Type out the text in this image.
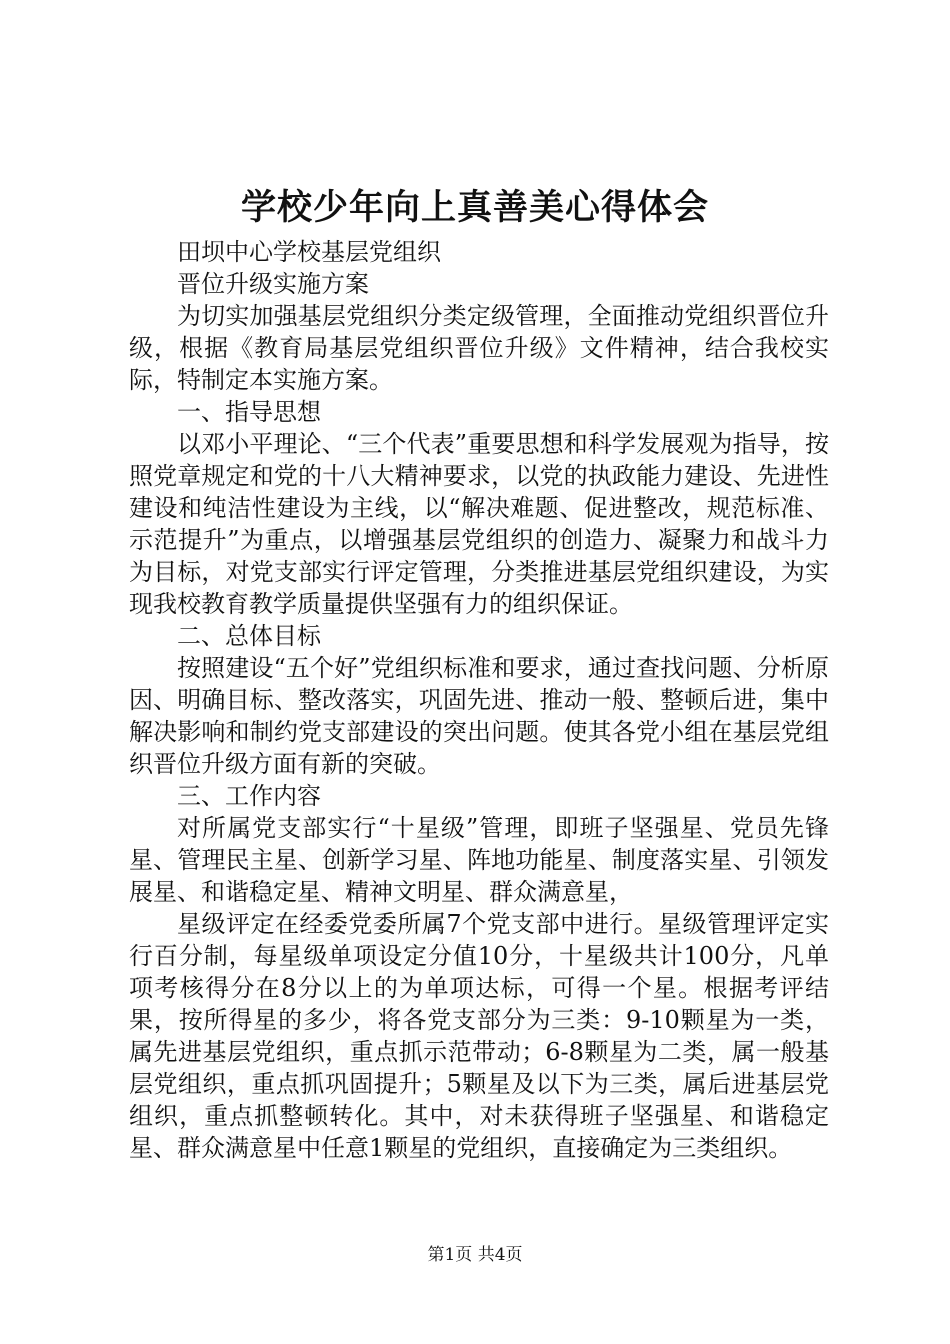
学校少年向上真善美心得体会

田坝中心学校基层党组织

晋位升级实施方案

为切实加强基层党组织分类定级管理，全面推动党组织晋位升级，根据《教育局基层党组织晋位升级》文件精神，结合我校实际，特制定本实施方案。

一、指导思想

以邓小平理论、“三个代表”重要思想和科学发展观为指导，按照党章规定和党的十八大精神要求，以党的执政能力建设、先进性建设和纯洁性建设为主线，以“解决难题、促进整改，规范标准、示范提升”为重点，以增强基层党组织的创造力、凝聚力和战斗力为目标，对党支部实行评定管理，分类推进基层党组织建设，为实现我校教育教学质量提供坚强有力的组织保证。

二、总体目标

按照建设“五个好”党组织标准和要求，通过查找问题、分析原因、明确目标、整改落实，巩固先进、推动一般、整顿后进，集中解决影响和制约党支部建设的突出问题。使其各党小组在基层党组织晋位升级方面有新的突破。

三、工作内容

对所属党支部实行“十星级”管理，即班子坚强星、党员先锋星、管理民主星、创新学习星、阵地功能星、制度落实星、引领发展星、和谐稳定星、精神文明星、群众满意星，

星级评定在经委党委所属7个党支部中进行。星级管理评定实行百分制，每星级单项设定分值10分，十星级共计100分，凡单项考核得分在8分以上的为单项达标，可得一个星。根据考评结果，按所得星的多少，将各党支部分为三类：9-10颗星为一类，属先进基层党组织，重点抓示范带动；6-8颗星为二类，属一般基层党组织，重点抓巩固提升；5颗星及以下为三类，属后进基层党组织，重点抓整顿转化。其中，对未获得班子坚强星、和谐稳定星、群众满意星中任意1颗星的党组织，直接确定为三类组织。

第1页 共4页
